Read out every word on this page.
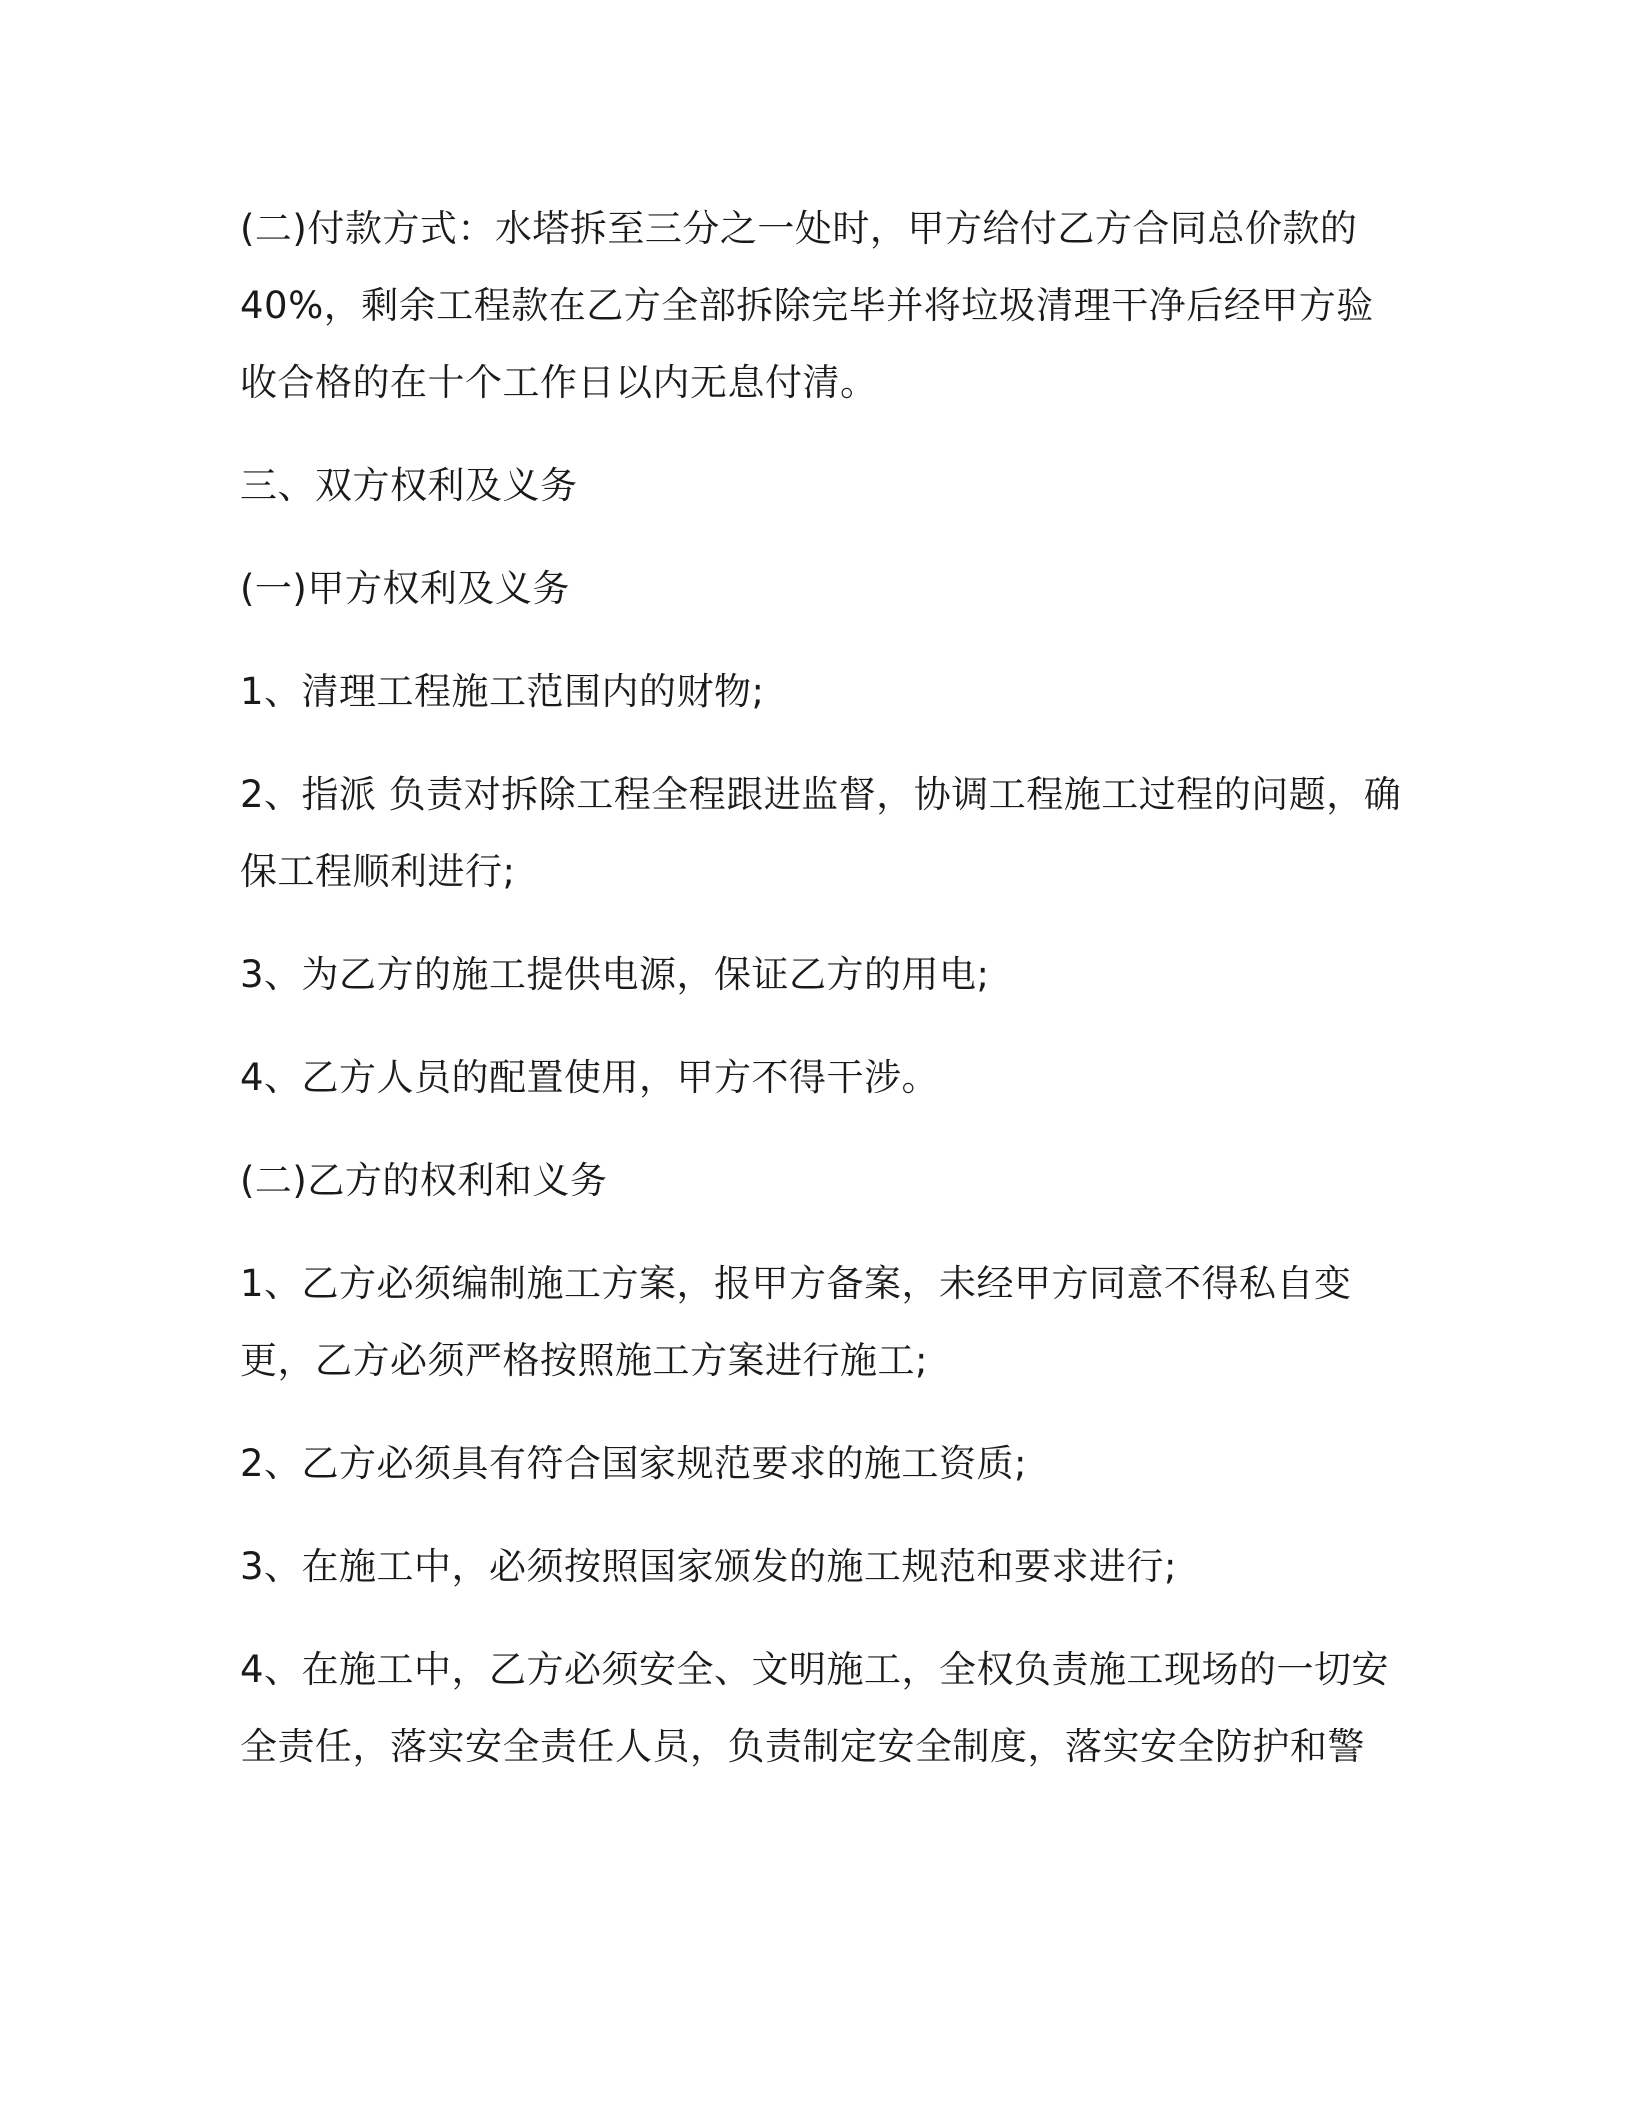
(二)付款方式：水塔拆至三分之一处时，甲方给付乙方合同总价款的40%，剩余工程款在乙方全部拆除完毕并将垃圾清理干净后经甲方验收合格的在十个工作日以内无息付清。

三、双方权利及义务

(一)甲方权利及义务

1、清理工程施工范围内的财物;

2、指派 负责对拆除工程全程跟进监督，协调工程施工过程的问题，确保工程顺利进行;

3、为乙方的施工提供电源，保证乙方的用电;

4、乙方人员的配置使用，甲方不得干涉。

(二)乙方的权利和义务

1、乙方必须编制施工方案，报甲方备案，未经甲方同意不得私自变更，乙方必须严格按照施工方案进行施工;

2、乙方必须具有符合国家规范要求的施工资质;

3、在施工中，必须按照国家颁发的施工规范和要求进行;

4、在施工中，乙方必须安全、文明施工，全权负责施工现场的一切安全责任，落实安全责任人员，负责制定安全制度，落实安全防护和警
